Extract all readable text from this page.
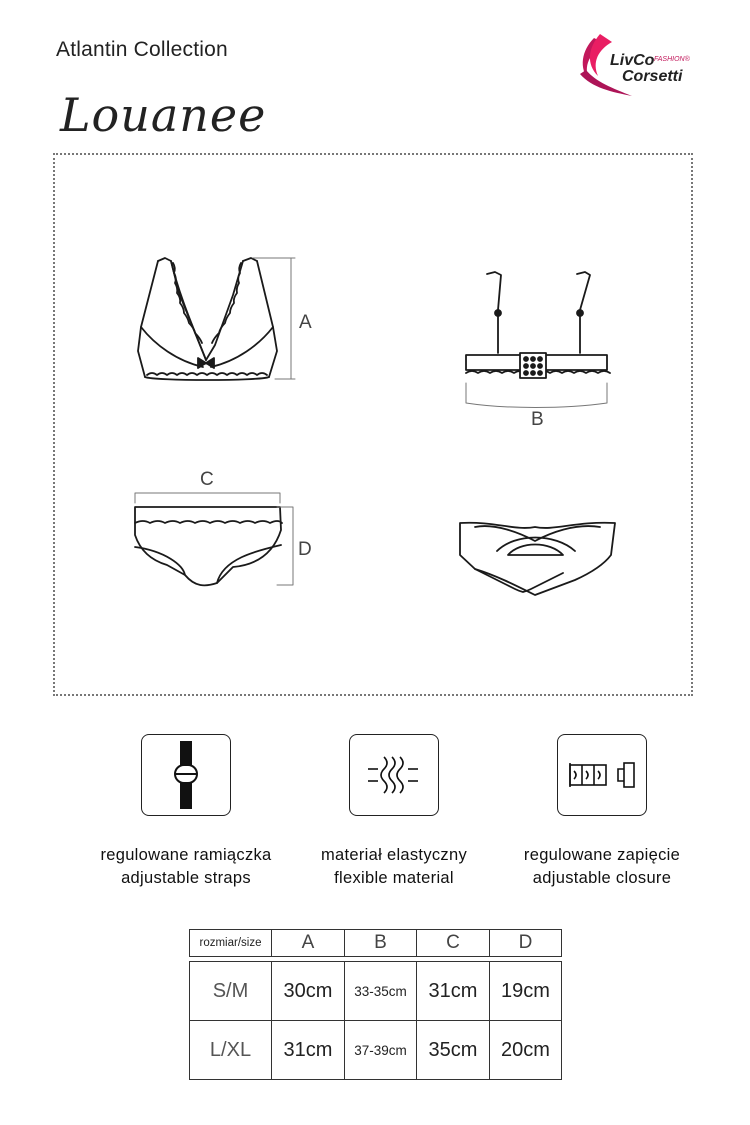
Atlantin Collection
Louanee
LivCo FASHION®
Corsetti
A
B
C
D
regulowane ramiączka
adjustable straps
materiał elastyczny
flexible material
regulowane zapięcie
adjustable closure
rozmiar/size	A	B	C	D

S/M	30cm	33-35cm	31cm	19cm
L/XL	31cm	37-39cm	35cm	20cm
